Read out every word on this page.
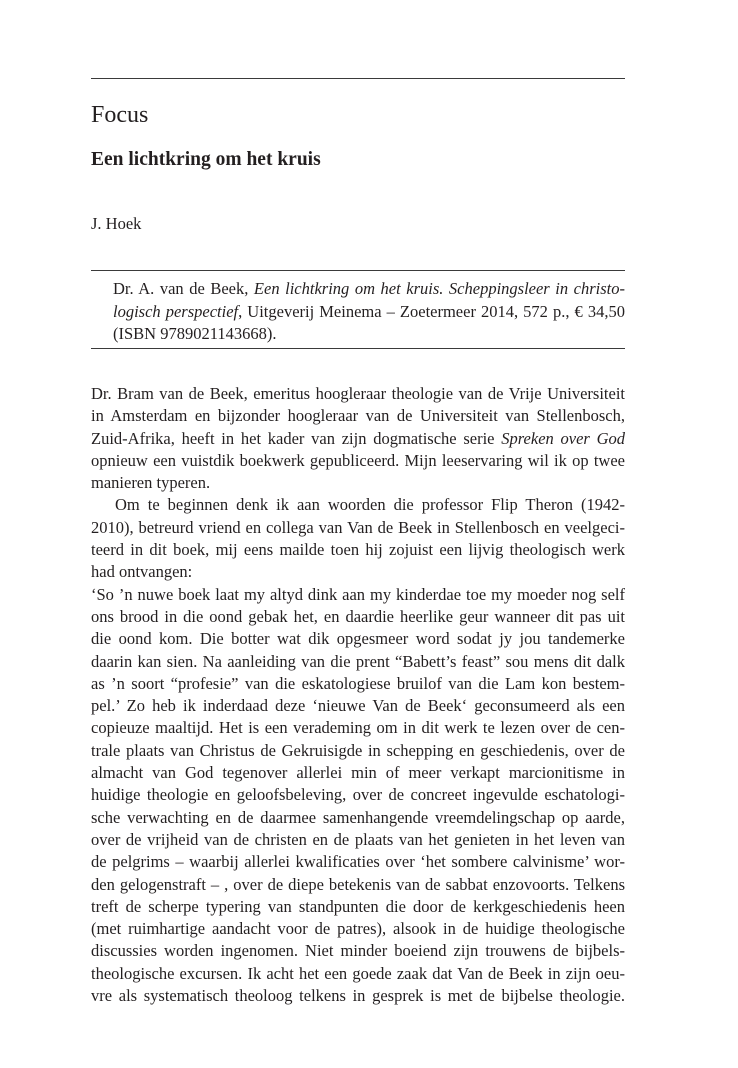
Focus
Een lichtkring om het kruis
J. Hoek

Dr. A. van de Beek, Een lichtkring om het kruis. Scheppingsleer in christo-logisch perspectief, Uitgeverij Meinema – Zoetermeer 2014, 572 p., € 34,50 (ISBN 9789021143668).

Dr. Bram van de Beek, emeritus hoogleraar theologie van de Vrije Universiteit
in Amsterdam en bijzonder hoogleraar van de Universiteit van Stellenbosch,
Zuid-Afrika, heeft in het kader van zijn dogmatische serie Spreken over God
opnieuw een vuistdik boekwerk gepubliceerd. Mijn leeservaring wil ik op twee
manieren typeren.

Om te beginnen denk ik aan woorden die professor Flip Theron (1942-
2010), betreurd vriend en collega van Van de Beek in Stellenbosch en veelgeci-
teerd in dit boek, mij eens mailde toen hij zojuist een lijvig theologisch werk
had ontvangen:

‘So ’n nuwe boek laat my altyd dink aan my kinderdae toe my moeder nog self
ons brood in die oond gebak het, en daardie heerlike geur wanneer dit pas uit
die oond kom. Die botter wat dik opgesmeer word sodat jy jou tandemerke
daarin kan sien. Na aanleiding van die prent “Babett’s feast” sou mens dit dalk
as ’n soort “profesie” van die eskatologiese bruilof van die Lam kon bestem-
pel.’ Zo heb ik inderdaad deze ‘nieuwe Van de Beek‘ geconsumeerd als een
copieuze maaltijd. Het is een verademing om in dit werk te lezen over de cen-
trale plaats van Christus de Gekruisigde in schepping en geschiedenis, over de
almacht van God tegenover allerlei min of meer verkapt marcionitisme in
huidige theologie en geloofsbeleving, over de concreet ingevulde eschatologi-
sche verwachting en de daarmee samenhangende vreemdelingschap op aarde,
over de vrijheid van de christen en de plaats van het genieten in het leven van
de pelgrims – waarbij allerlei kwalificaties over ‘het sombere calvinisme’ wor-
den gelogenstraft – , over de diepe betekenis van de sabbat enzovoorts. Telkens
treft de scherpe typering van standpunten die door de kerkgeschiedenis heen
(met ruimhartige aandacht voor de patres), alsook in de huidige theologische
discussies worden ingenomen. Niet minder boeiend zijn trouwens de bijbels-
theologische excursen. Ik acht het een goede zaak dat Van de Beek in zijn oeu-
vre als systematisch theoloog telkens in gesprek is met de bijbelse theologie.
